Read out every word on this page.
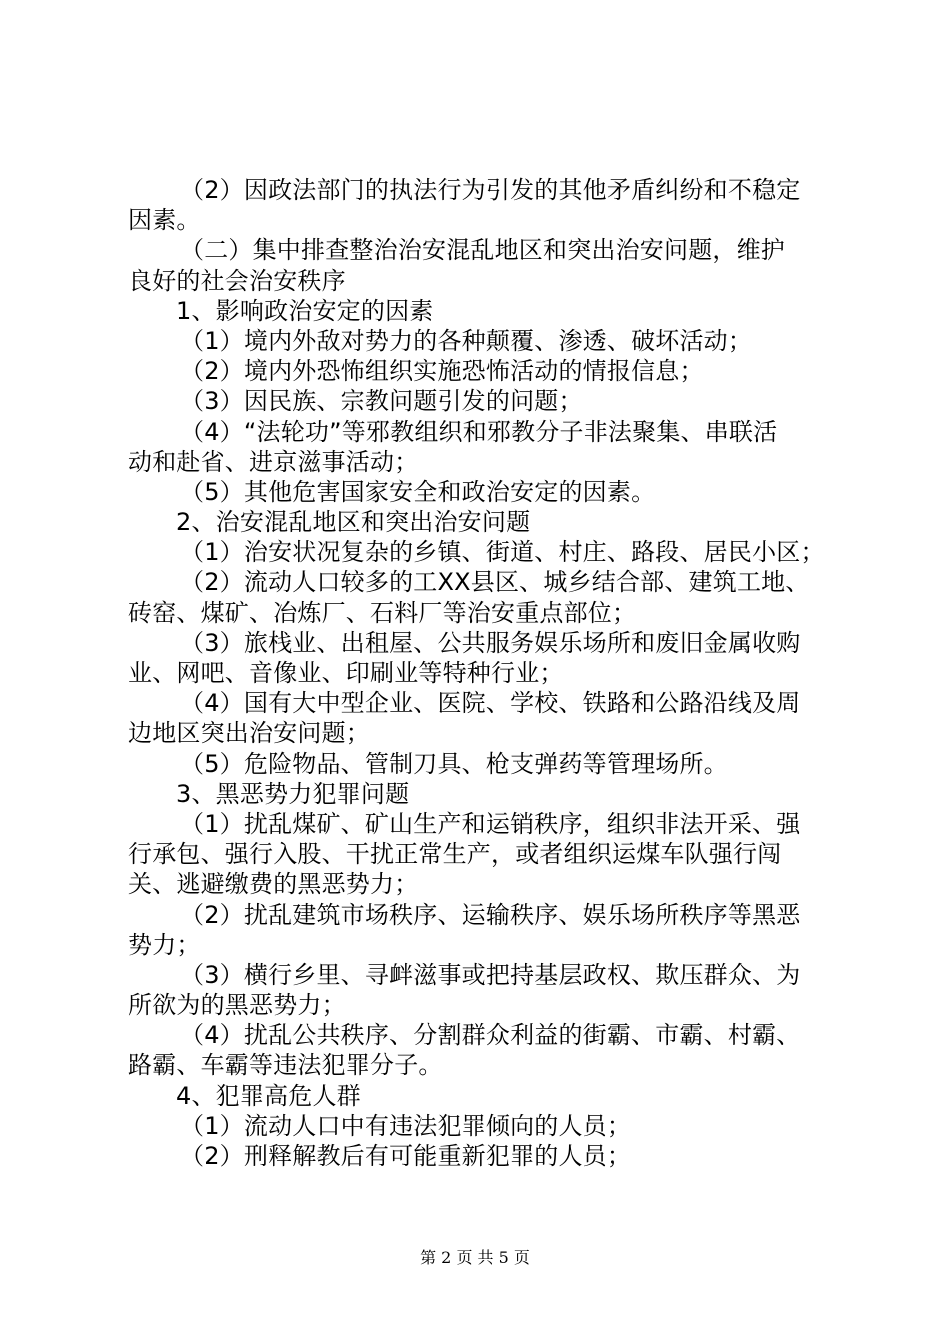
（2）因政法部门的执法行为引发的其他矛盾纠纷和不稳定
因素。
（二）集中排查整治治安混乱地区和突出治安问题，维护
良好的社会治安秩序
1、影响政治安定的因素
（1）境内外敌对势力的各种颠覆、渗透、破坏活动；
（2）境内外恐怖组织实施恐怖活动的情报信息；
（3）因民族、宗教问题引发的问题；
（4）“法轮功”等邪教组织和邪教分子非法聚集、串联活
动和赴省、进京滋事活动；
（5）其他危害国家安全和政治安定的因素。
2、治安混乱地区和突出治安问题
（1）治安状况复杂的乡镇、街道、村庄、路段、居民小区；
（2）流动人口较多的工XX县区、城乡结合部、建筑工地、
砖窑、煤矿、冶炼厂、石料厂等治安重点部位；
（3）旅栈业、出租屋、公共服务娱乐场所和废旧金属收购
业、网吧、音像业、印刷业等特种行业；
（4）国有大中型企业、医院、学校、铁路和公路沿线及周
边地区突出治安问题；
（5）危险物品、管制刀具、枪支弹药等管理场所。
3、黑恶势力犯罪问题
（1）扰乱煤矿、矿山生产和运销秩序，组织非法开采、强
行承包、强行入股、干扰正常生产，或者组织运煤车队强行闯
关、逃避缴费的黑恶势力；
（2）扰乱建筑市场秩序、运输秩序、娱乐场所秩序等黑恶
势力；
（3）横行乡里、寻衅滋事或把持基层政权、欺压群众、为
所欲为的黑恶势力；
（4）扰乱公共秩序、分割群众利益的街霸、市霸、村霸、
路霸、车霸等违法犯罪分子。
4、犯罪高危人群
（1）流动人口中有违法犯罪倾向的人员；
（2）刑释解教后有可能重新犯罪的人员；
第 2 页 共 5 页
